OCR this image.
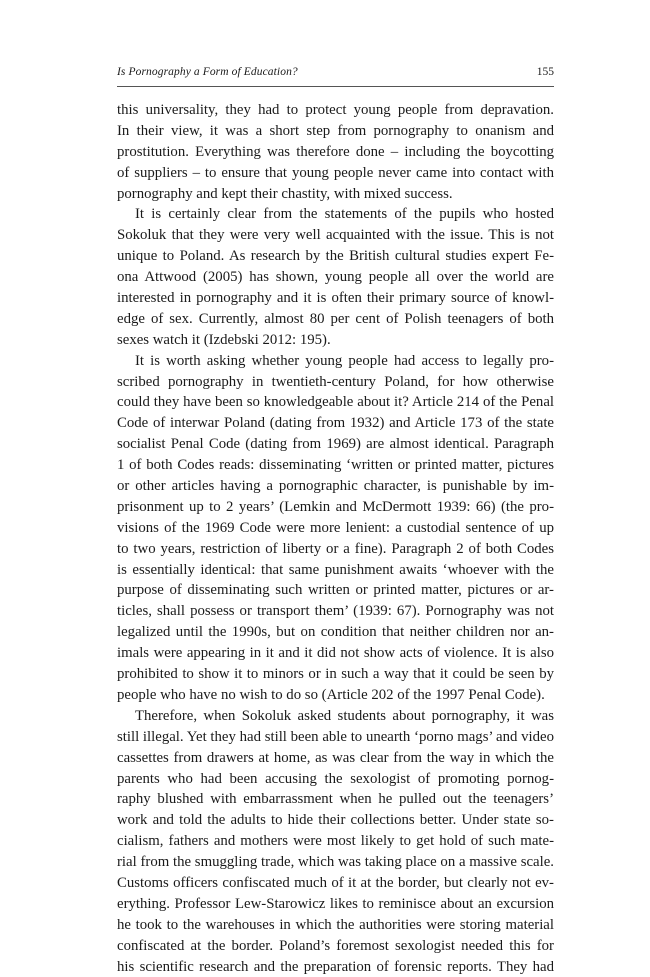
Is Pornography a Form of Education?	155
this universality, they had to protect young people from depravation.
In their view, it was a short step from pornography to onanism and
prostitution. Everything was therefore done – including the boycotting
of suppliers – to ensure that young people never came into contact with
pornography and kept their chastity, with mixed success.
It is certainly clear from the statements of the pupils who hosted
Sokoluk that they were very well acquainted with the issue. This is not
unique to Poland. As research by the British cultural studies expert Fe-
ona Attwood (2005) has shown, young people all over the world are
interested in pornography and it is often their primary source of knowl-
edge of sex. Currently, almost 80 per cent of Polish teenagers of both
sexes watch it (Izdebski 2012: 195).
It is worth asking whether young people had access to legally pro-
scribed pornography in twentieth-century Poland, for how otherwise
could they have been so knowledgeable about it? Article 214 of the Penal
Code of interwar Poland (dating from 1932) and Article 173 of the state
socialist Penal Code (dating from 1969) are almost identical. Paragraph
1 of both Codes reads: disseminating ‘written or printed matter, pictures
or other articles having a pornographic character, is punishable by im-
prisonment up to 2 years’ (Lemkin and McDermott 1939: 66) (the pro-
visions of the 1969 Code were more lenient: a custodial sentence of up
to two years, restriction of liberty or a fine). Paragraph 2 of both Codes
is essentially identical: that same punishment awaits ‘whoever with the
purpose of disseminating such written or printed matter, pictures or ar-
ticles, shall possess or transport them’ (1939: 67). Pornography was not
legalized until the 1990s, but on condition that neither children nor an-
imals were appearing in it and it did not show acts of violence. It is also
prohibited to show it to minors or in such a way that it could be seen by
people who have no wish to do so (Article 202 of the 1997 Penal Code).
Therefore, when Sokoluk asked students about pornography, it was
still illegal. Yet they had still been able to unearth ‘porno mags’ and video
cassettes from drawers at home, as was clear from the way in which the
parents who had been accusing the sexologist of promoting pornog-
raphy blushed with embarrassment when he pulled out the teenagers’
work and told the adults to hide their collections better. Under state so-
cialism, fathers and mothers were most likely to get hold of such mate-
rial from the smuggling trade, which was taking place on a massive scale.
Customs officers confiscated much of it at the border, but clearly not ev-
erything. Professor Lew-Starowicz likes to reminisce about an excursion
he took to the warehouses in which the authorities were storing material
confiscated at the border. Poland’s foremost sexologist needed this for
his scientific research and the preparation of forensic reports. They had
